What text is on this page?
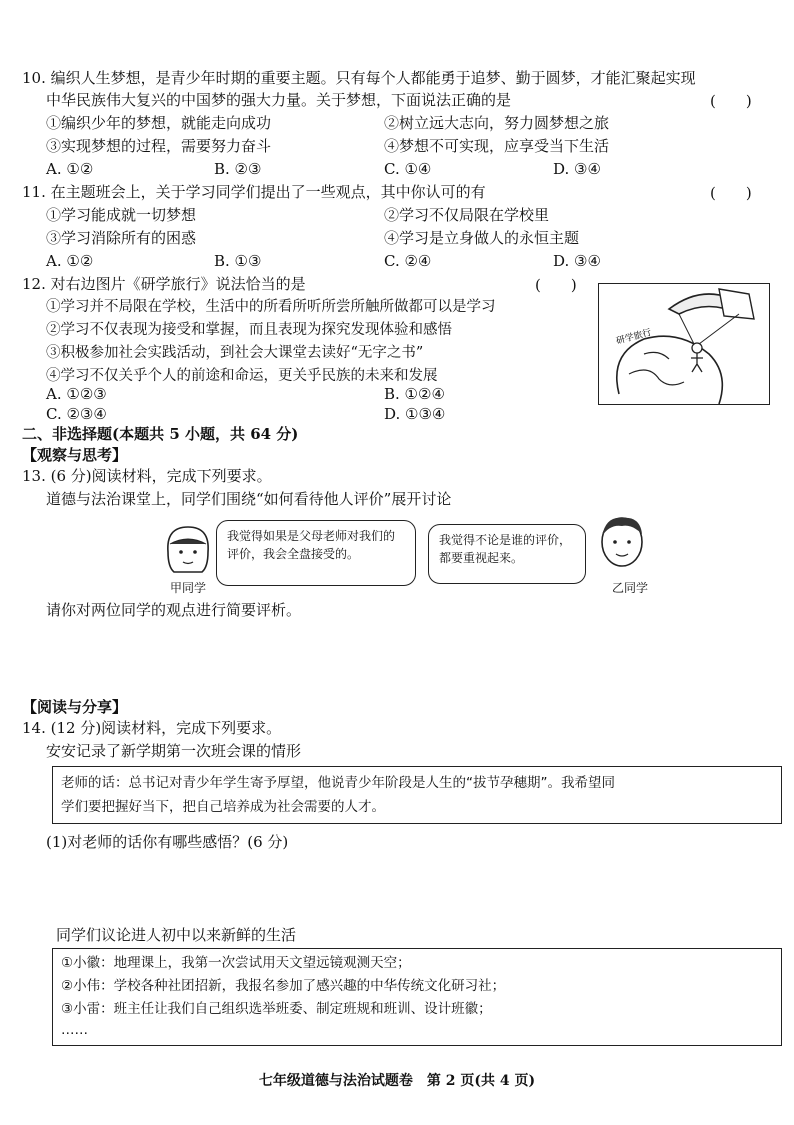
10. 编织人生梦想，是青少年时期的重要主题。只有每个人都能勇于追梦、勤于圆梦，才能汇聚起实现
中华民族伟大复兴的中国梦的强大力量。关于梦想，下面说法正确的是	(　　)
①编织少年的梦想，就能走向成功	②树立远大志向，努力圆梦想之旅
③实现梦想的过程，需要努力奋斗	④梦想不可实现，应享受当下生活
A. ①②	B. ②③	C. ①④	D. ③④
11. 在主题班会上，关于学习同学们提出了一些观点，其中你认可的有	(　　)
①学习能成就一切梦想	②学习不仅局限在学校里
③学习消除所有的困惑	④学习是立身做人的永恒主题
A. ①②	B. ①③	C. ②④	D. ③④
12. 对右边图片《研学旅行》说法恰当的是	(　　)
①学习并不局限在学校，生活中的所看所听所尝所触所做都可以是学习
②学习不仅表现为接受和掌握，而且表现为探究发现体验和感悟
③积极参加社会实践活动，到社会大课堂去读好“无字之书”
④学习不仅关乎个人的前途和命运，更关乎民族的未来和发展
A. ①②③	B. ①②④
C. ②③④	D. ①③④
研学旅行
二、非选择题(本题共 5 小题，共 64 分)
【观察与思考】
13. (6 分)阅读材料，完成下列要求。
道德与法治课堂上，同学们围绕“如何看待他人评价”展开讨论
甲同学
我觉得如果是父母老师对我们的评价，我会全盘接受的。
我觉得不论是谁的评价，都要重视起来。
乙同学
请你对两位同学的观点进行简要评析。
【阅读与分享】
14. (12 分)阅读材料，完成下列要求。
安安记录了新学期第一次班会课的情形
老师的话：总书记对青少年学生寄予厚望，他说青少年阶段是人生的“拔节孕穗期”。我希望同
学们要把握好当下，把自己培养成为社会需要的人才。
(1)对老师的话你有哪些感悟？(6 分)
同学们议论进人初中以来新鲜的生活
①小徽：地理课上，我第一次尝试用天文望远镜观测天空；
②小伟：学校各种社团招新，我报名参加了感兴趣的中华传统文化研习社；
③小雷：班主任让我们自己组织选举班委、制定班规和班训、设计班徽；
……
七年级道德与法治试题卷　第 2 页(共 4 页)
